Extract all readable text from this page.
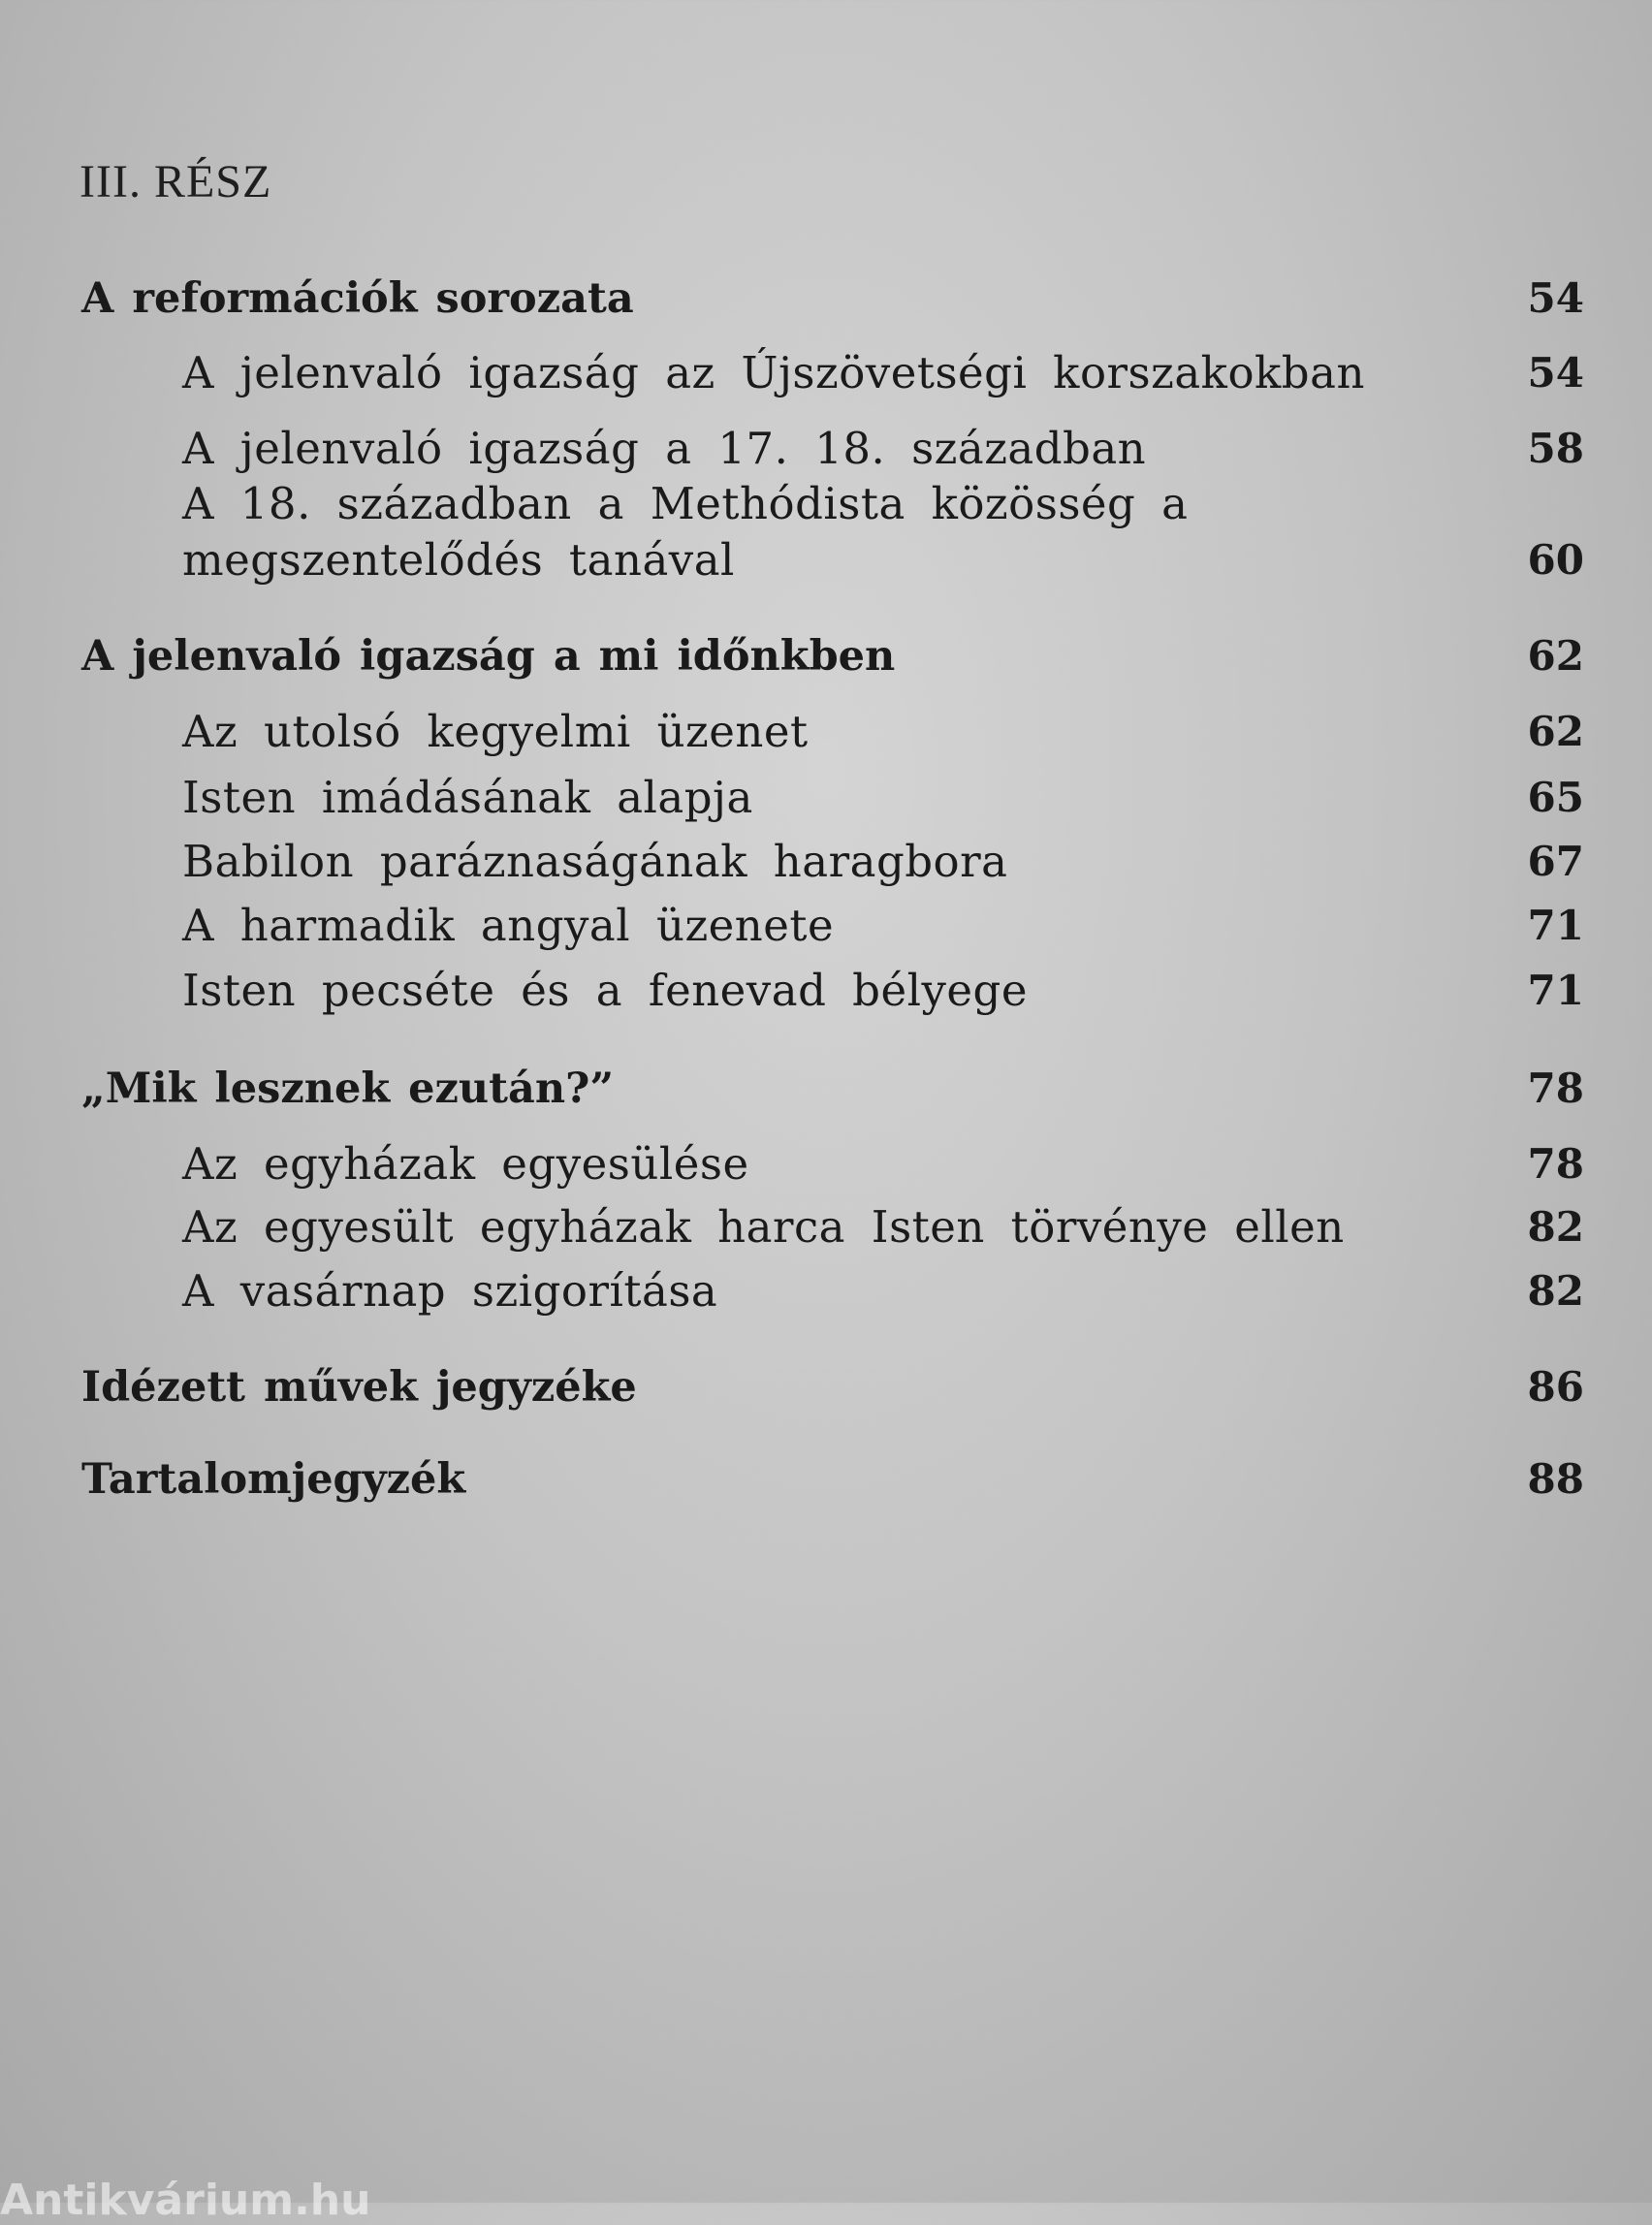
III. RÉSZ
A reformációk sorozata	54
A jelenvaló igazság az Újszövetségi korszakokban	54
A jelenvaló igazság a 17. 18. században	58
A 18. században a Methódista közösség a
megszentelődés tanával	60
A jelenvaló igazság a mi időnkben	62
Az utolsó kegyelmi üzenet	62
Isten imádásának alapja	65
Babilon paráznaságának haragbora	67
A harmadik angyal üzenete	71
Isten pecséte és a fenevad bélyege	71
„Mik lesznek ezután?”	78
Az egyházak egyesülése	78
Az egyesült egyházak harca Isten törvénye ellen	82
A vasárnap szigorítása	82
Idézett művek jegyzéke	86
Tartalomjegyzék	88
Antikvárium.hu
